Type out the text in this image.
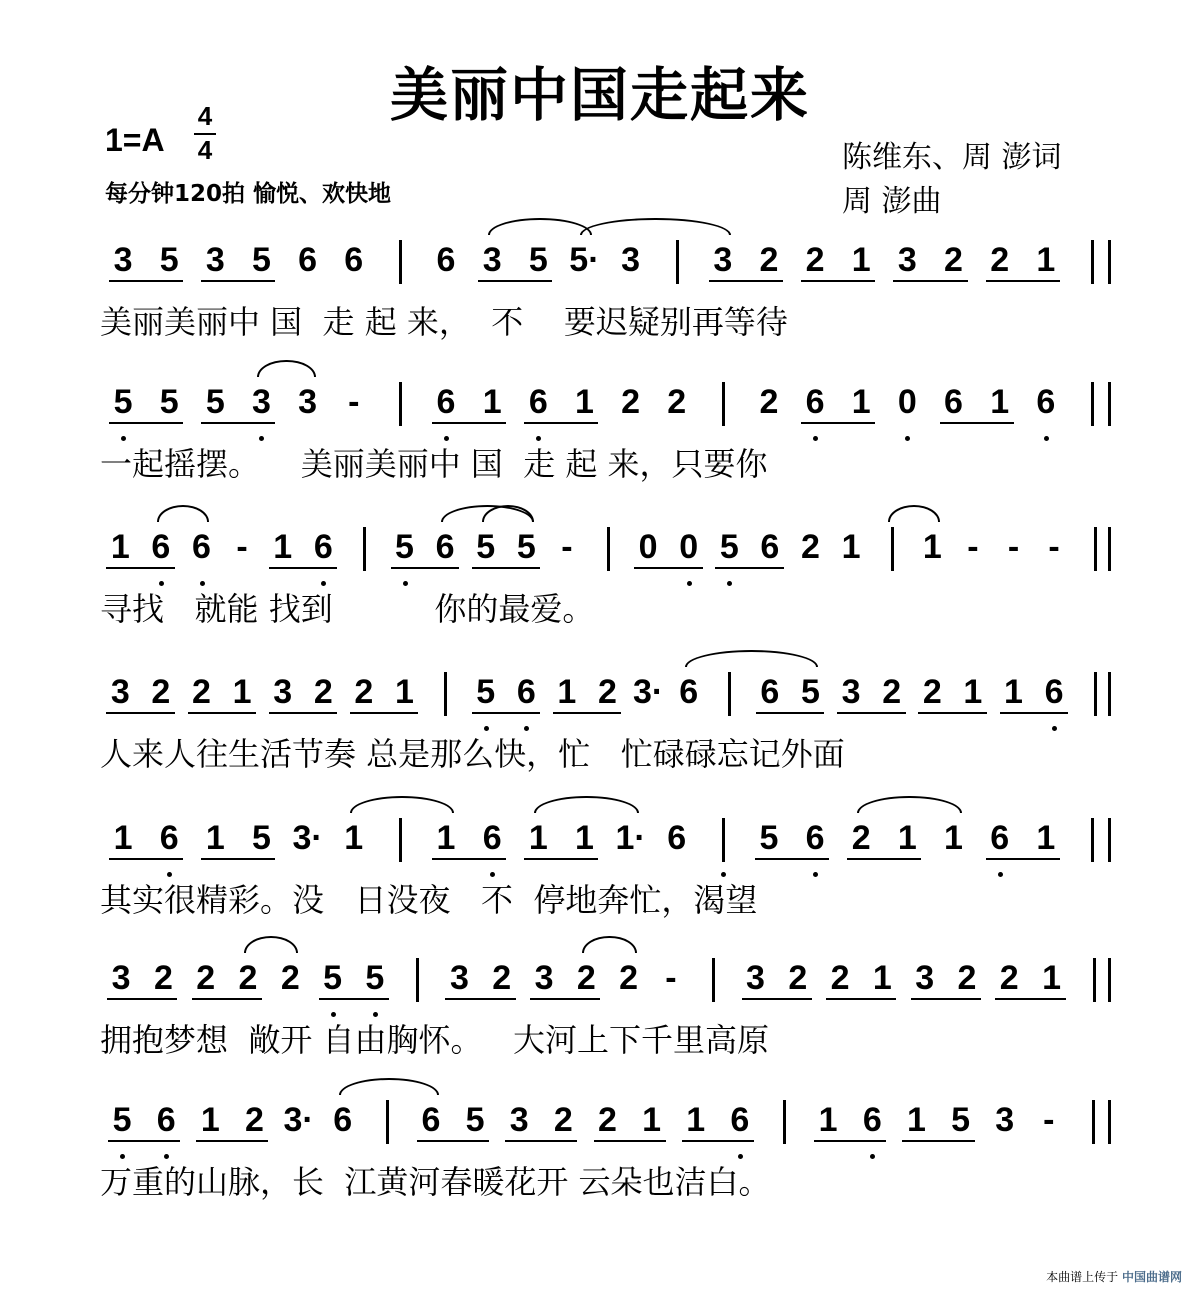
美丽中国走起来
1=A
4
4
每分钟120拍 愉悦、欢快地
陈维东、周 澎词
周 澎曲
3 5 3 5 6 6	6 3 5 5· 3	3 2 2 1 3 2 2 1
美丽美丽中 国  走 起 来，  不    要迟疑别再等待
5 5 5 3 3 -	6 1 6 1 2 2	2 6 1 0 6 1 6
一起摇摆。    美丽美丽中 国  走 起 来，只要你
1 6 6 - 1 6	5 6 5 5 -	0 0 5 6 2 1	1 - - -
寻找   就能 找到          你的最爱。
3 2 2 1 3 2 2 1	5 6 1 2 3· 6	6 5 3 2 2 1 1 6
人来人往生活节奏 总是那么快，忙   忙碌碌忘记外面
1 6 1 5 3· 1	1 6 1 1 1· 6	5 6 2 1 1 6 1
其实很精彩。没   日没夜   不  停地奔忙，渴望
3 2 2 2 2 5 5	3 2 3 2 2 -	3 2 2 1 3 2 2 1
拥抱梦想  敞开 自由胸怀。   大河上下千里高原
5 6 1 2 3· 6	6 5 3 2 2 1 1 6	1 6 1 5 3 -
万重的山脉，长  江黄河春暖花开 云朵也洁白。
本曲谱上传于 中国曲谱网
